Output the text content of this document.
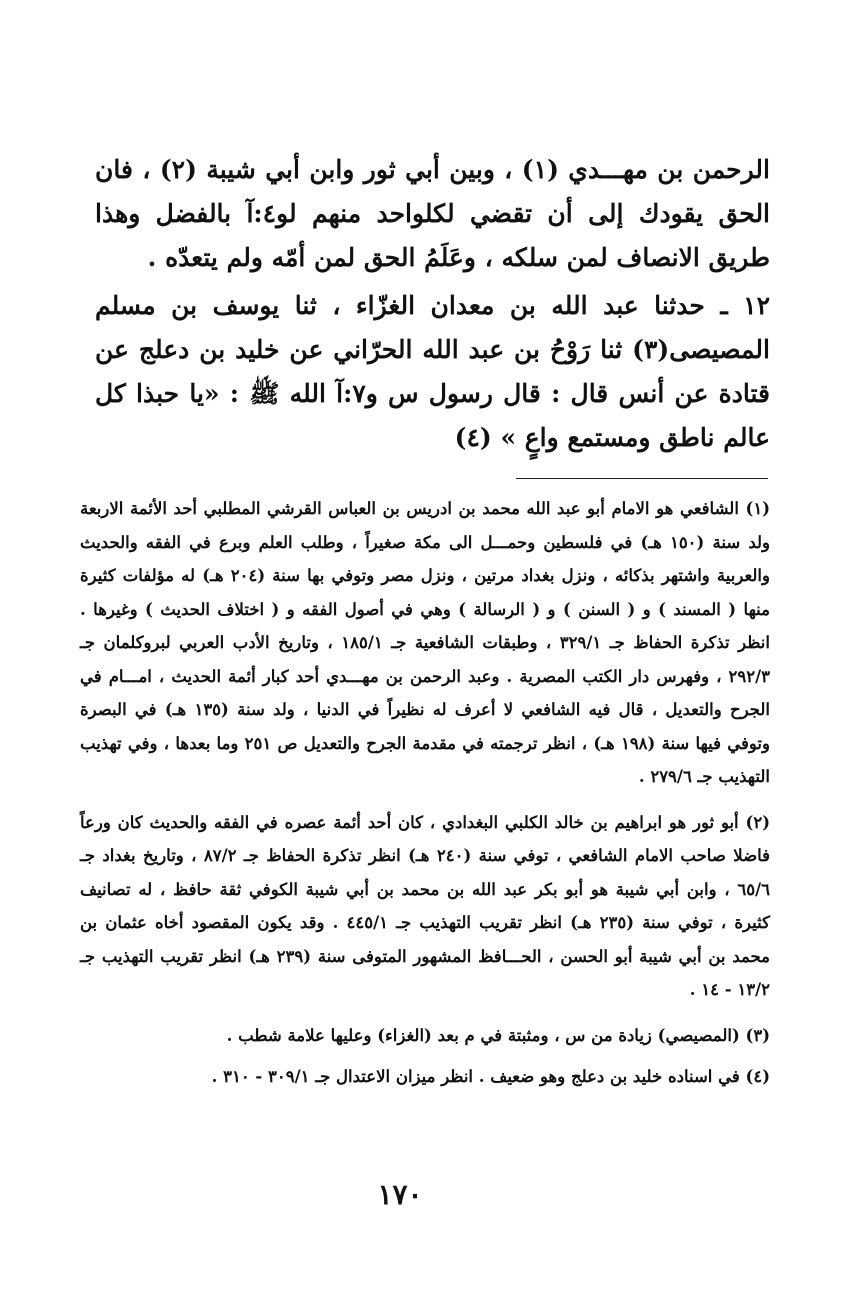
الرحمن بن مهـــدي (١) ، وبين أبي ثور وابن أبي شيبة (٢) ، فان الحق يقودك إلى أن تقضي لكلواحد منهم لو٤:آ بالفضل وهذا طريق الانصاف لمن سلكه ، وعَلَمُ الحق لمن أمّه ولم يتعدّه .

١٢ ـ حدثنا عبد الله بن معدان الغزّاء ، ثنا يوسف بن مسلم المصيصى(٣) ثنا رَوْحُ بن عبد الله الحرّاني عن خليد بن دعلج عن قتادة عن أنس قال : قال رسول س و٧:آ الله ﷺ : «يا حبذا كل عالم ناطق ومستمع واعٍ » (٤)

(١) الشافعي هو الامام أبو عبد الله محمد بن ادريس بن العباس القرشي المطلبي أحد الأئمة الاربعة ولد سنة (١٥٠ هـ) في فلسطين وحمـــل الى مكة صغيراً ، وطلب العلم وبرع في الفقه والحديث والعربية واشتهر بذكائه ، ونزل بغداد مرتين ، ونزل مصر وتوفي بها سنة (٢٠٤ هـ) له مؤلفات كثيرة منها ( المسند ) و ( السنن ) و ( الرسالة ) وهي في أصول الفقه و ( اختلاف الحديث ) وغيرها . انظر تذكرة الحفاظ جـ ٣٢٩/١ ، وطبقات الشافعية جـ ١٨٥/١ ، وتاريخ الأدب العربي لبروكلمان جـ ٢٩٢/٣ ، وفهرس دار الكتب المصرية . وعبد الرحمن بن مهـــدي أحد كبار أئمة الحديث ، امـــام في الجرح والتعديل ، قال فيه الشافعي لا أعرف له نظيراً في الدنيا ، ولد سنة (١٣٥ هـ) في البصرة وتوفي فيها سنة (١٩٨ هـ) ، انظر ترجمته في مقدمة الجرح والتعديل ص ٢٥١ وما بعدها ، وفي تهذيب التهذيب جـ ٢٧٩/٦ .

(٢) أبو ثور هو ابراهيم بن خالد الكلبي البغدادي ، كان أحد أئمة عصره في الفقه والحديث كان ورعاً فاضلا صاحب الامام الشافعي ، توفي سنة (٢٤٠ هـ) انظر تذكرة الحفاظ جـ ٨٧/٢ ، وتاريخ بغداد جـ ٦٥/٦ ، وابن أبي شيبة هو أبو بكر عبد الله بن محمد بن أبي شيبة الكوفي ثقة حافظ ، له تصانيف كثيرة ، توفي سنة (٢٣٥ هـ) انظر تقريب التهذيب جـ ٤٤٥/١ . وقد يكون المقصود أخاه عثمان بن محمد بن أبي شيبة أبو الحسن ، الحـــافظ المشهور المتوفى سنة (٢٣٩ هـ) انظر تقريب التهذيب جـ ١٣/٢ - ١٤ .

(٣) (المصيصي) زيادة من س ، ومثبتة في م بعد (الغزاء) وعليها علامة شطب .

(٤) في اسناده خليد بن دعلج وهو ضعيف . انظر ميزان الاعتدال جـ ٣٠٩/١ - ٣١٠ .

١٧٠
